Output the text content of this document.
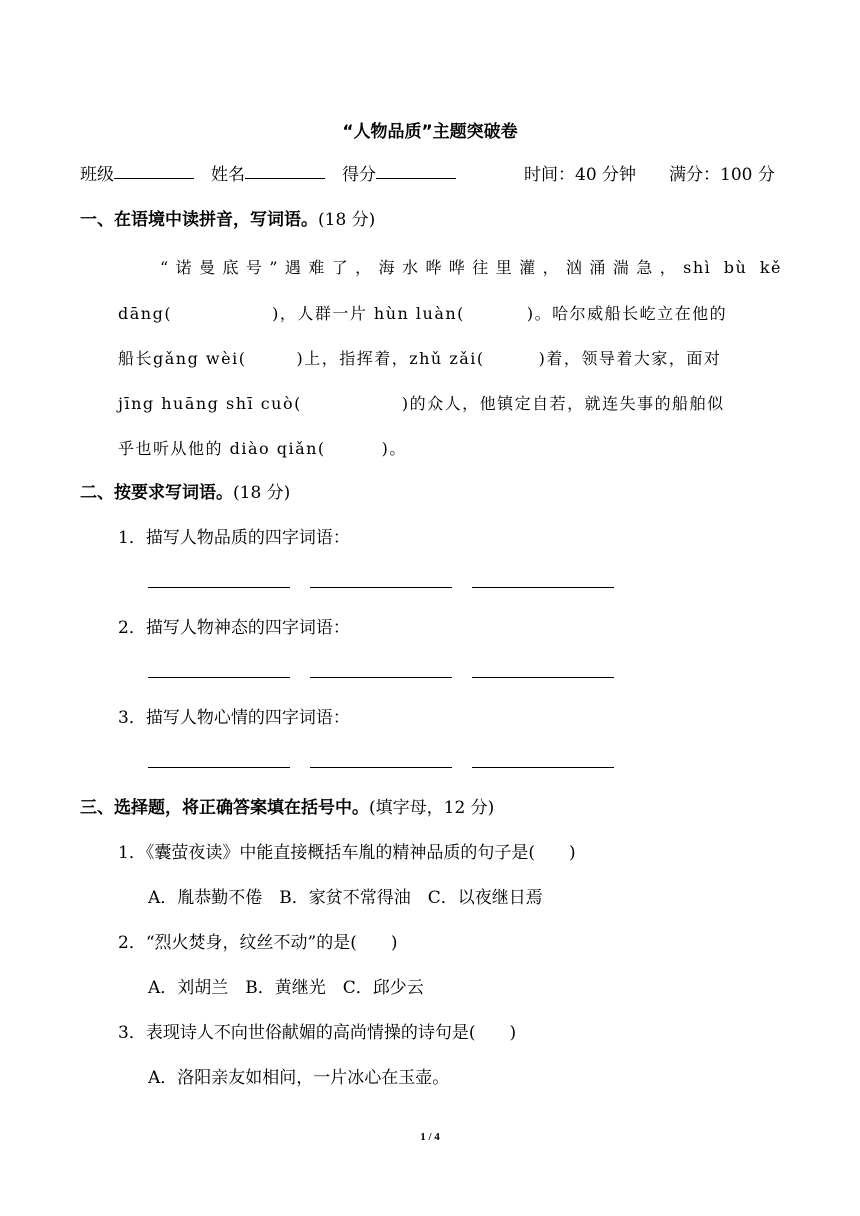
“人物品质”主题突破卷
班级	姓名	得分	时间：40 分钟 满分：100 分
一、在语境中读拼音，写词语。(18 分)
“诺曼底号”遇难了，海水哗哗往里灌，汹涌湍急，shì bù kě
dāng(	)，人群一片 hùn luàn(	)。哈尔威船长屹立在他的
船长gǎng wèi(	)上，指挥着，zhǔ zǎi(	)着，领导着大家，面对
jīng huāng shī cuò(	)的众人，他镇定自若，就连失事的船舶似
乎也听从他的 diào qiǎn(	)。
二、按要求写词语。(18 分)
1．描写人物品质的四字词语：
2．描写人物神态的四字词语：
3．描写人物心情的四字词语：
三、选择题，将正确答案填在括号中。(填字母，12 分)
1．《囊萤夜读》中能直接概括车胤的精神品质的句子是(　　)
A．胤恭勤不倦　B．家贫不常得油　C．以夜继日焉
2．“烈火焚身，纹丝不动”的是(　　)
A．刘胡兰　B．黄继光　C．邱少云
3．表现诗人不向世俗献媚的高尚情操的诗句是(　　)
A．洛阳亲友如相问，一片冰心在玉壶。
1 / 4
